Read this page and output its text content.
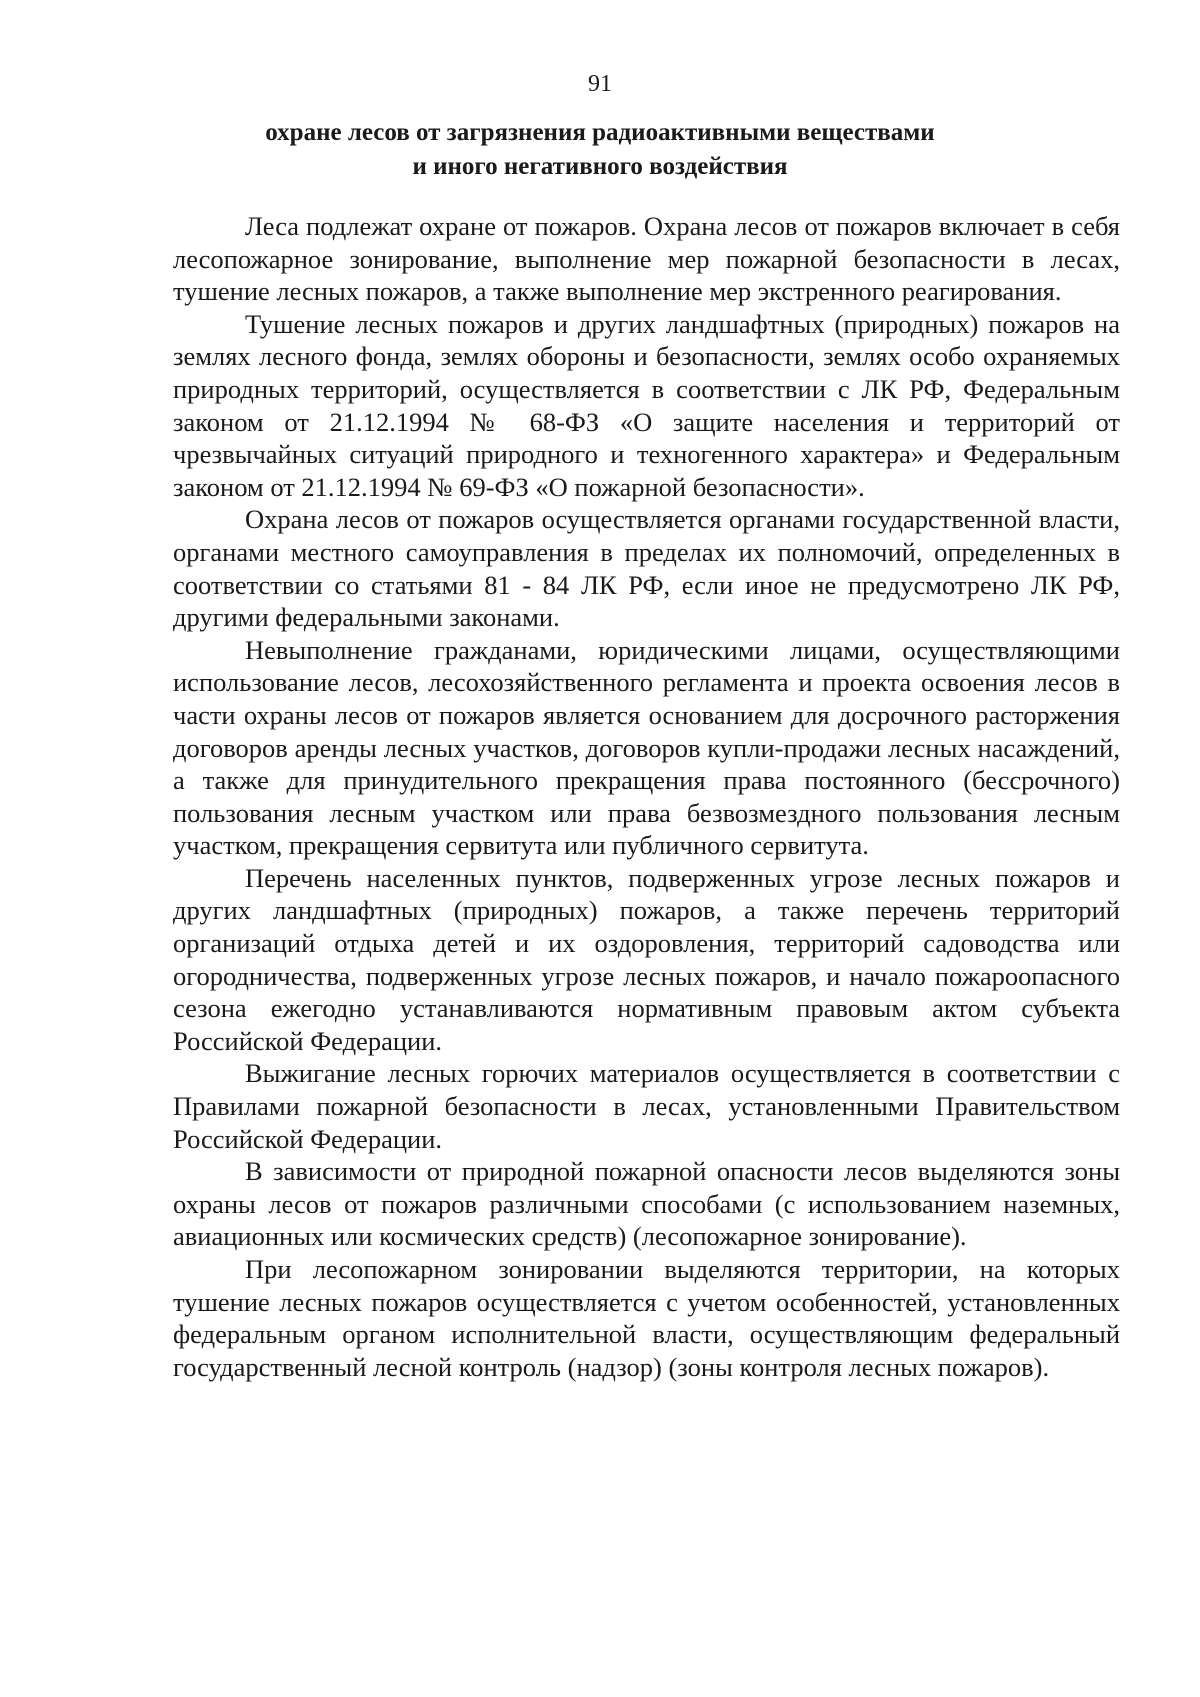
91
охране лесов от загрязнения радиоактивными веществами
и иного негативного воздействия

Леса подлежат охране от пожаров. Охрана лесов от пожаров включает в себя лесопожарное зонирование, выполнение мер пожарной безопасности в лесах, тушение лесных пожаров, а также выполнение мер экстренного реагирования.

Тушение лесных пожаров и других ландшафтных (природных) пожаров на землях лесного фонда, землях обороны и безопасности, землях особо охраняемых природных территорий, осуществляется в соответствии с ЛК РФ, Федеральным законом от 21.12.1994 № 68-ФЗ «О защите населения и территорий от чрезвычайных ситуаций природного и техногенного характера» и Федеральным законом от 21.12.1994 № 69-ФЗ «О пожарной безопасности».

Охрана лесов от пожаров осуществляется органами государственной власти, органами местного самоуправления в пределах их полномочий, определенных в соответствии со статьями 81 - 84 ЛК РФ, если иное не предусмотрено ЛК РФ, другими федеральными законами.

Невыполнение гражданами, юридическими лицами, осуществляющими использование лесов, лесохозяйственного регламента и проекта освоения лесов в части охраны лесов от пожаров является основанием для досрочного расторжения договоров аренды лесных участков, договоров купли-продажи лесных насаждений, а также для принудительного прекращения права постоянного (бессрочного) пользования лесным участком или права безвозмездного пользования лесным участком, прекращения сервитута или публичного сервитута.

Перечень населенных пунктов, подверженных угрозе лесных пожаров и других ландшафтных (природных) пожаров, а также перечень территорий организаций отдыха детей и их оздоровления, территорий садоводства или огородничества, подверженных угрозе лесных пожаров, и начало пожароопасного сезона ежегодно устанавливаются нормативным правовым актом субъекта Российской Федерации.

Выжигание лесных горючих материалов осуществляется в соответствии с Правилами пожарной безопасности в лесах, установленными Правительством Российской Федерации.

В зависимости от природной пожарной опасности лесов выделяются зоны охраны лесов от пожаров различными способами (с использованием наземных, авиационных или космических средств) (лесопожарное зонирование).

При лесопожарном зонировании выделяются территории, на которых тушение лесных пожаров осуществляется с учетом особенностей, установленных федеральным органом исполнительной власти, осуществляющим федеральный государственный лесной контроль (надзор) (зоны контроля лесных пожаров).
